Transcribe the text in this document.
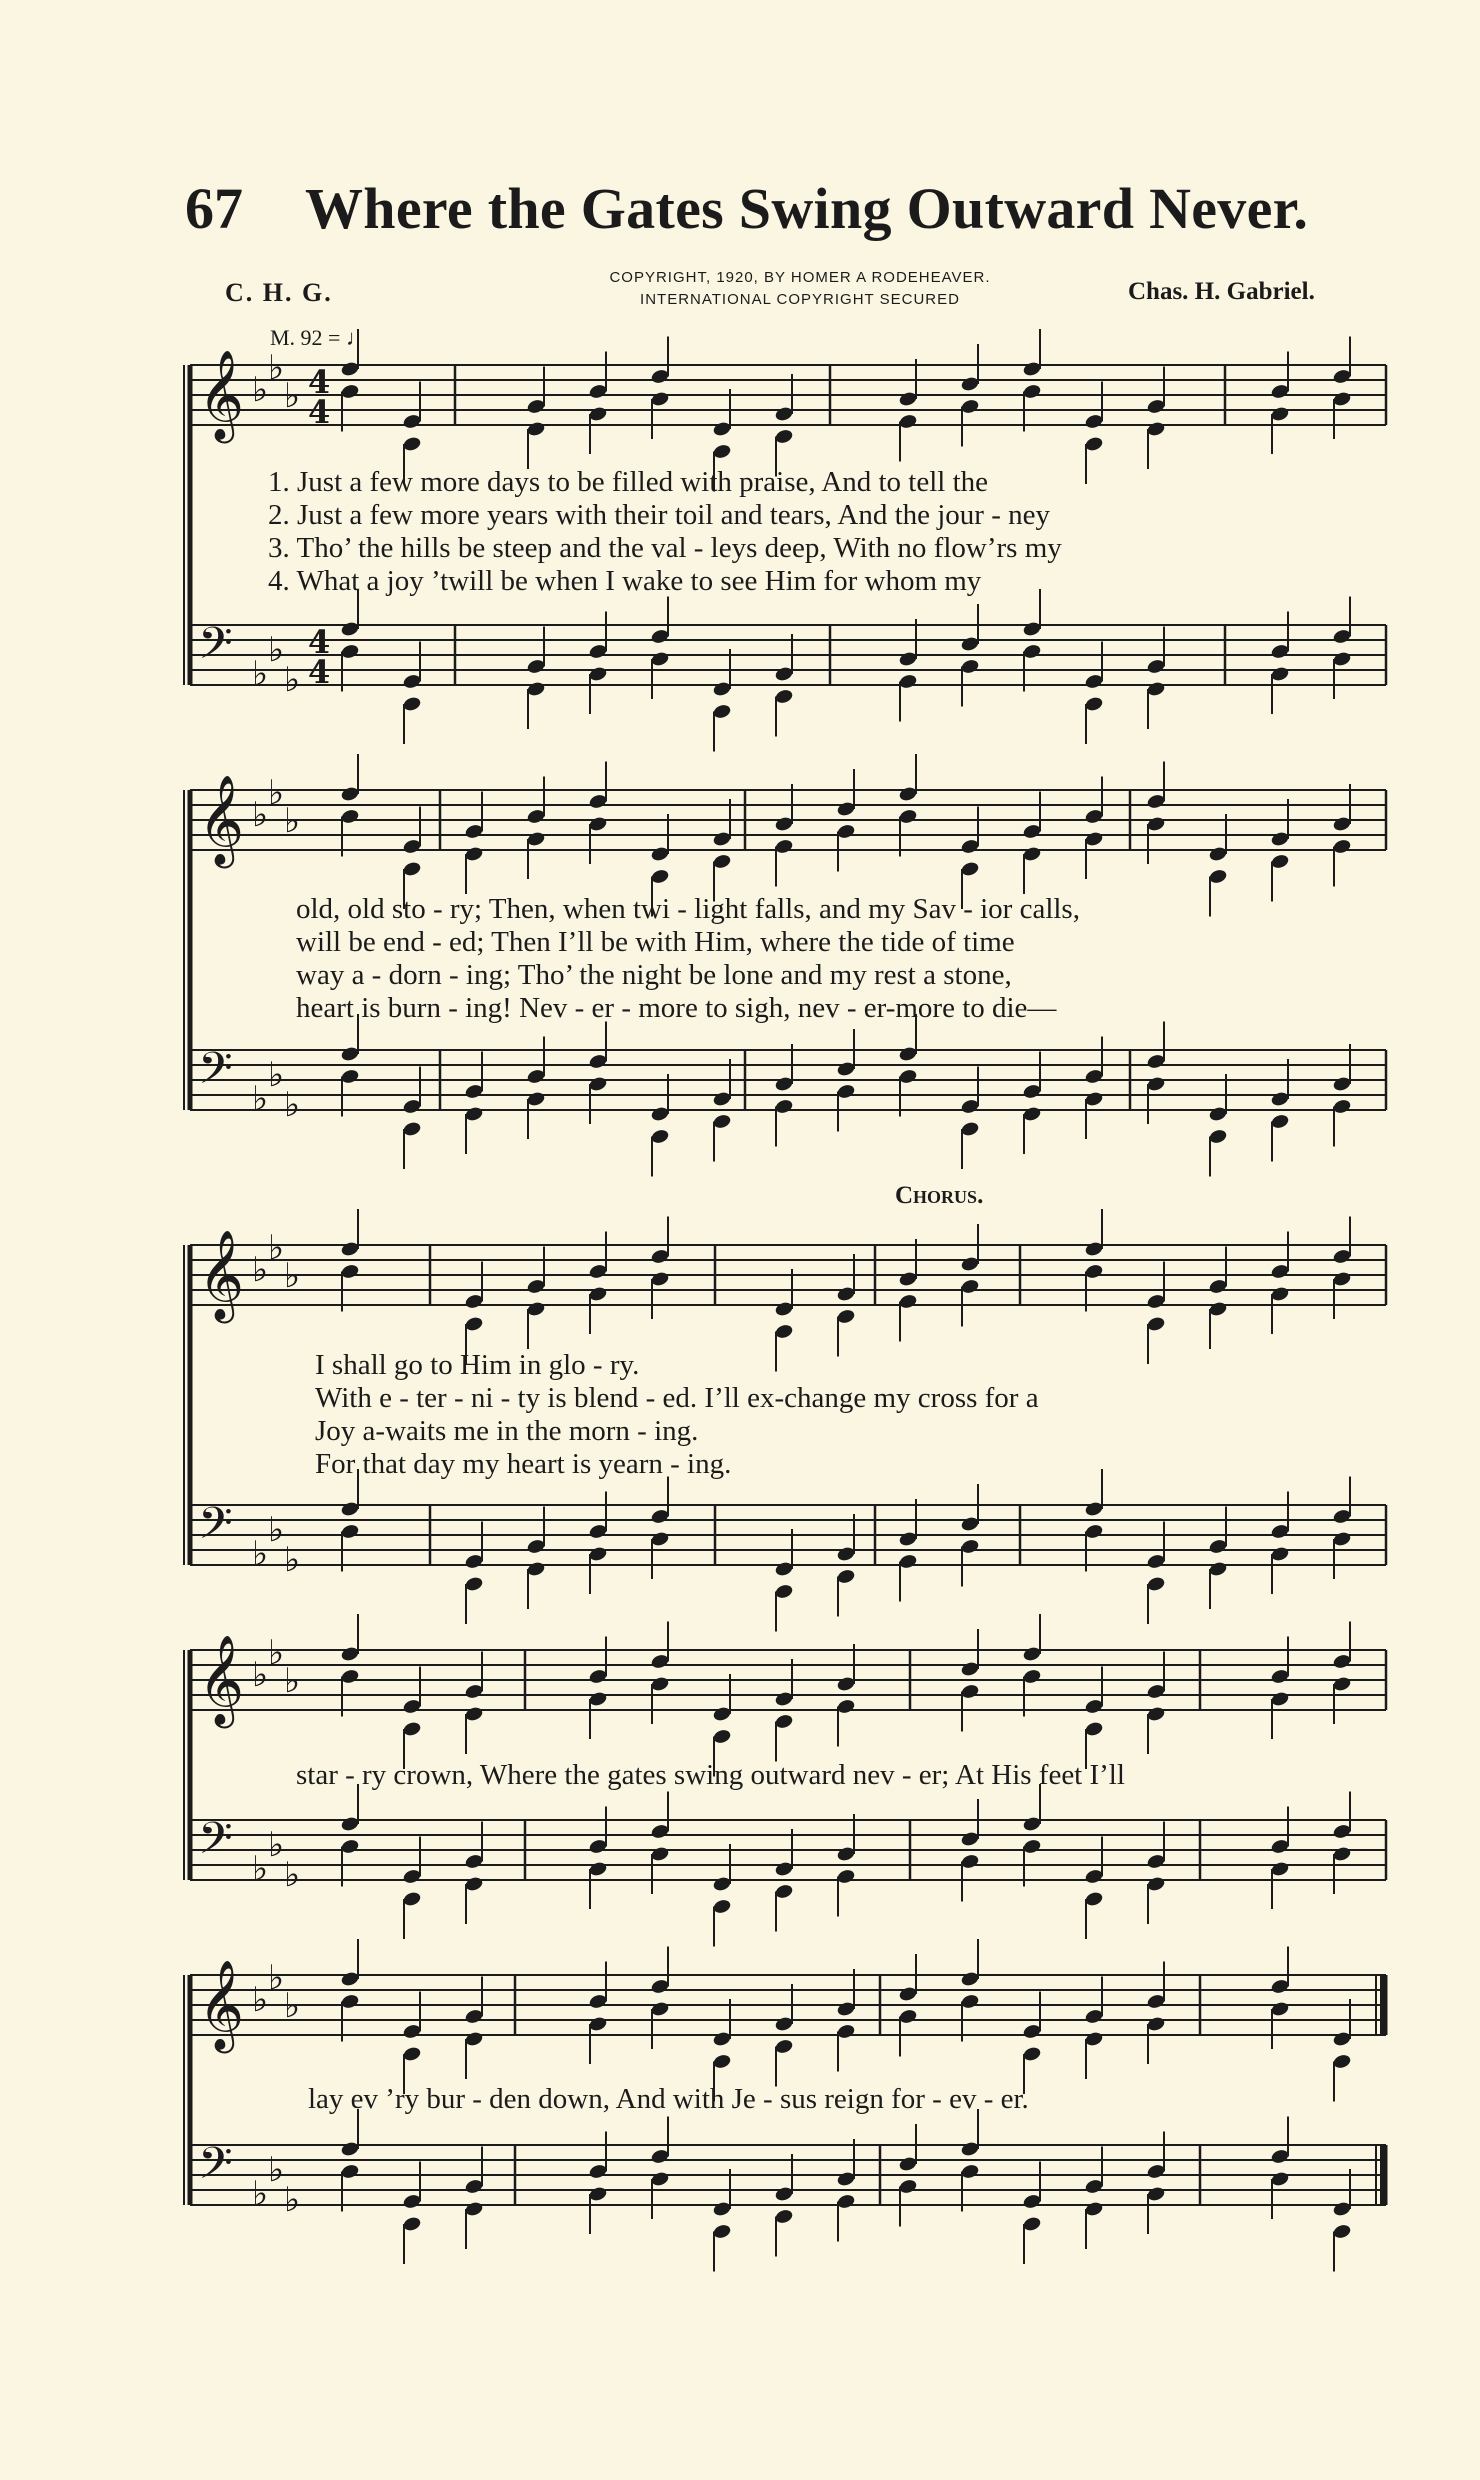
67	Where the Gates Swing Outward Never.
COPYRIGHT, 1920, BY HOMER A RODEHEAVER.
INTERNATIONAL COPYRIGHT SECURED
C. H. G.	Chas. H. Gabriel.
M. 92 = ♩
Chorus.
𝄞 ♭
♭
♭
𝄢 ♭
♭
♭
4
4
4
4
𝄞 ♭
♭
♭
𝄢 ♭
♭
♭
𝄞 ♭
♭
♭
𝄢 ♭
♭
♭
𝄞 ♭
♭
♭
𝄢 ♭
♭
♭
𝄞 ♭
♭
♭
𝄢 ♭
♭
♭
1. Just a few more days to be filled with praise, And to tell the
2. Just a few more years with their toil and tears, And the jour - ney
3. Tho’ the hills be steep and the val - leys deep, With no flow’rs my
4. What a joy ’twill be when I wake to see Him for whom my
old, old sto - ry; Then, when twi - light falls, and my Sav - ior calls,
will be end - ed; Then I’ll be with Him, where the tide of time
way a - dorn - ing; Tho’ the night be lone and my rest a stone,
heart is burn - ing! Nev - er - more to sigh, nev - er-more to die—
I shall go to Him in glo - ry.
With e - ter - ni - ty is blend - ed. I’ll ex-change my cross for a
Joy a-waits me in the morn - ing.
For that day my heart is yearn - ing.
star - ry crown, Where the gates swing outward nev - er; At His feet I’ll
lay ev ’ry bur - den down, And with Je - sus reign for - ev - er.
